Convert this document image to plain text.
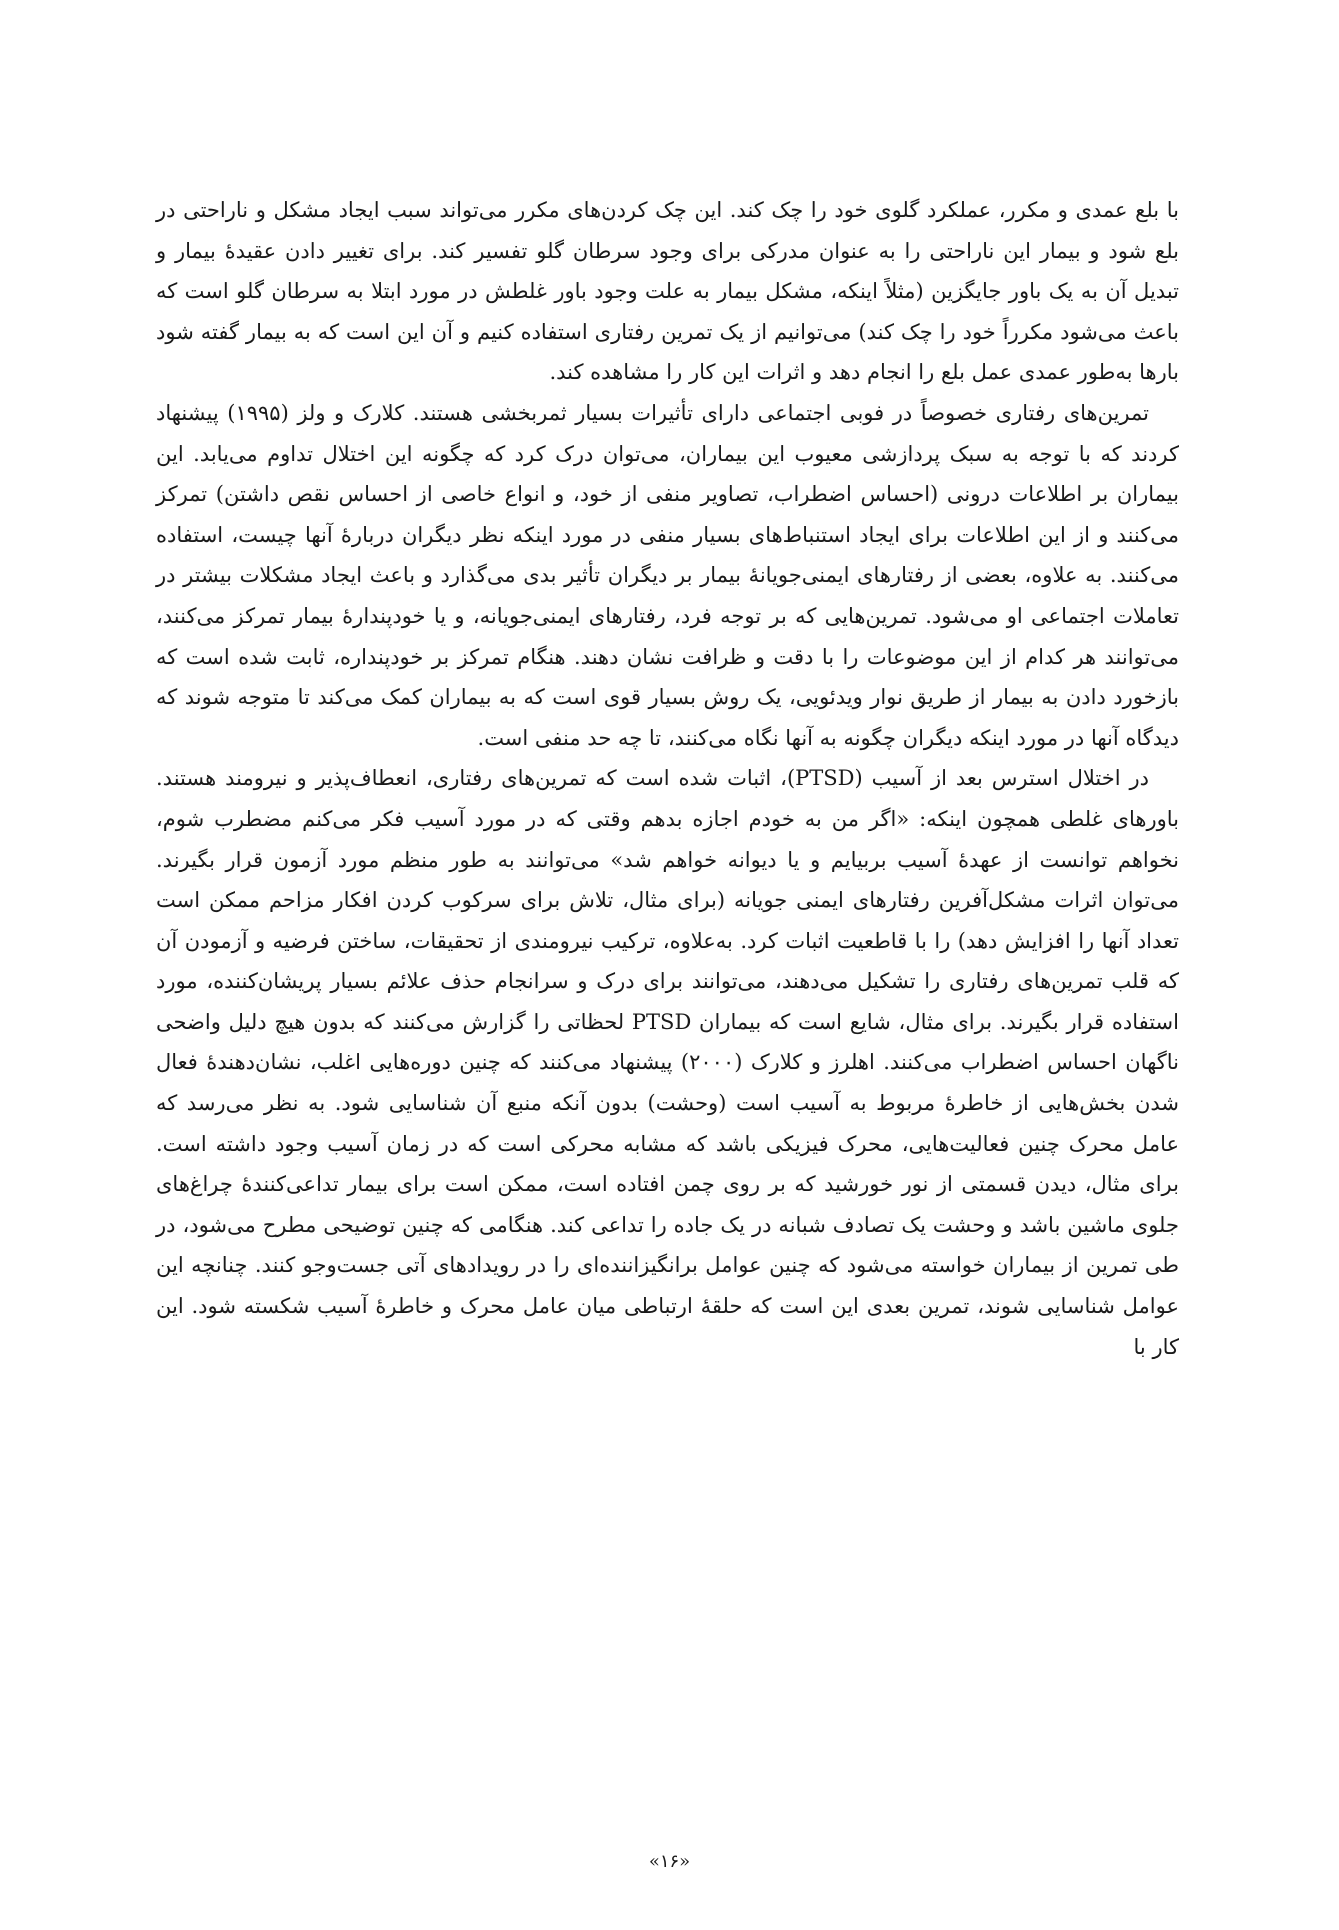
با بلع عمدی و مکرر، عملکرد گلوی خود را چک کند. این چک کردن‌های مکرر می‌تواند سبب ایجاد مشکل و ناراحتی در بلع شود و بیمار این ناراحتی را به عنوان مدرکی برای وجود سرطان گلو تفسیر کند. برای تغییر دادن عقیدهٔ بیمار و تبدیل آن به یک باور جایگزین (مثلاً اینکه، مشکل بیمار به علت وجود باور غلطش در مورد ابتلا به سرطان گلو است که باعث می‌شود مکرراً خود را چک کند) می‌توانیم از یک تمرین رفتاری استفاده کنیم و آن این است که به بیمار گفته شود بارها به‌طور عمدی عمل بلع را انجام دهد و اثرات این کار را مشاهده کند.

تمرین‌های رفتاری خصوصاً در فوبی اجتماعی دارای تأثیرات بسیار ثمربخشی هستند. کلارک و ولز (۱۹۹۵) پیشنهاد کردند که با توجه به سبک پردازشی معیوب این بیماران، می‌توان درک کرد که چگونه این اختلال تداوم می‌یابد. این بیماران بر اطلاعات درونی (احساس اضطراب، تصاویر منفی از خود، و انواع خاصی از احساس نقص داشتن) تمرکز می‌کنند و از این اطلاعات برای ایجاد استنباط‌های بسیار منفی در مورد اینکه نظر دیگران دربارهٔ آنها چیست، استفاده می‌کنند. به علاوه، بعضی از رفتارهای ایمنی‌جویانهٔ بیمار بر دیگران تأثیر بدی می‌گذارد و باعث ایجاد مشکلات بیشتر در تعاملات اجتماعی او می‌شود. تمرین‌هایی که بر توجه فرد، رفتارهای ایمنی‌جویانه، و یا خودپندارهٔ بیمار تمرکز می‌کنند، می‌توانند هر کدام از این موضوعات را با دقت و ظرافت نشان دهند. هنگام تمرکز بر خودپنداره، ثابت شده است که بازخورد دادن به بیمار از طریق نوار ویدئویی، یک روش بسیار قوی است که به بیماران کمک می‌کند تا متوجه شوند که دیدگاه آنها در مورد اینکه دیگران چگونه به آنها نگاه می‌کنند، تا چه حد منفی است.

در اختلال استرس بعد از آسیب (PTSD)، اثبات شده است که تمرین‌های رفتاری، انعطاف‌پذیر و نیرومند هستند. باورهای غلطی همچون اینکه: «اگر من به خودم اجازه بدهم وقتی که در مورد آسیب فکر می‌کنم مضطرب شوم، نخواهم توانست از عهدهٔ آسیب بربیایم و یا دیوانه خواهم شد» می‌توانند به طور منظم مورد آزمون قرار بگیرند. می‌توان اثرات مشکل‌آفرین رفتارهای ایمنی جویانه (برای مثال، تلاش برای سرکوب کردن افکار مزاحم ممکن است تعداد آنها را افزایش دهد) را با قاطعیت اثبات کرد. به‌علاوه، ترکیب نیرومندی از تحقیقات، ساختن فرضیه و آزمودن آن که قلب تمرین‌های رفتاری را تشکیل می‌دهند، می‌توانند برای درک و سرانجام حذف علائم بسیار پریشان‌کننده، مورد استفاده قرار بگیرند. برای مثال، شایع است که بیماران PTSD لحظاتی را گزارش می‌کنند که بدون هیچ دلیل واضحی ناگهان احساس اضطراب می‌کنند. اهلرز و کلارک (۲۰۰۰) پیشنهاد می‌کنند که چنین دوره‌هایی اغلب، نشان‌دهندهٔ فعال شدن بخش‌هایی از خاطرهٔ مربوط به آسیب است (وحشت) بدون آنکه منبع آن شناسایی شود. به نظر می‌رسد که عامل محرک چنین فعالیت‌هایی، محرک فیزیکی باشد که مشابه محرکی است که در زمان آسیب وجود داشته است. برای مثال، دیدن قسمتی از نور خورشید که بر روی چمن افتاده است، ممکن است برای بیمار تداعی‌کنندهٔ چراغ‌های جلوی ماشین باشد و وحشت یک تصادف شبانه در یک جاده را تداعی کند. هنگامی که چنین توضیحی مطرح می‌شود، در طی تمرین از بیماران خواسته می‌شود که چنین عوامل برانگیزاننده‌ای را در رویدادهای آتی جست‌وجو کنند. چنانچه این عوامل شناسایی شوند، تمرین بعدی این است که حلقهٔ ارتباطی میان عامل محرک و خاطرهٔ آسیب شکسته شود. این کار با

«۱۶»
